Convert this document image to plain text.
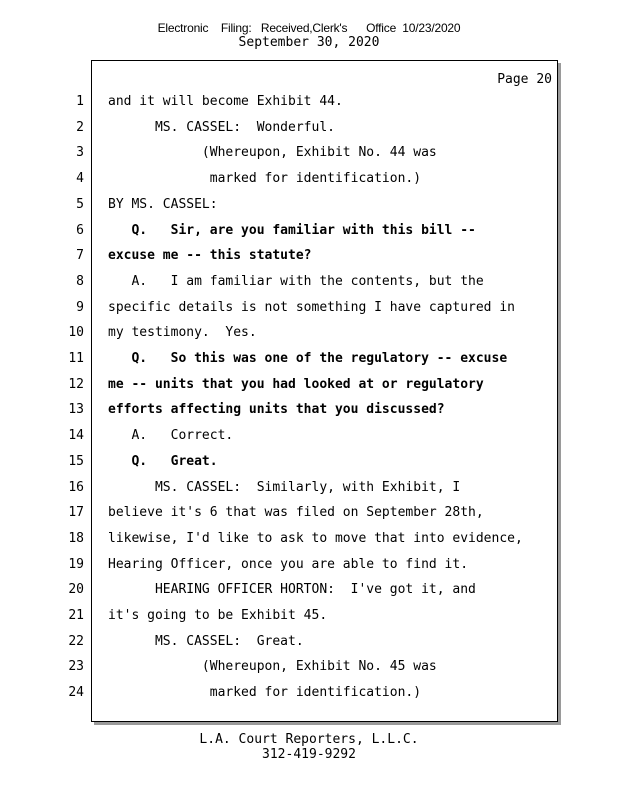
Electronic    Filing:   Received,Clerk's      Office  10/23/2020
September 30, 2020
Page 20
1 and it will become Exhibit 44.
2 MS. CASSEL:  Wonderful.
3 (Whereupon, Exhibit No. 44 was
4 marked for identification.)
5 BY MS. CASSEL:
6 Q.   Sir, are you familiar with this bill --
7 excuse me -- this statute?
8 A.   I am familiar with the contents, but the
9 specific details is not something I have captured in
10 my testimony.  Yes.
11 Q.   So this was one of the regulatory -- excuse
12 me -- units that you had looked at or regulatory
13 efforts affecting units that you discussed?
14 A.   Correct.
15 Q.   Great.
16 MS. CASSEL:  Similarly, with Exhibit, I
17 believe it's 6 that was filed on September 28th,
18 likewise, I'd like to ask to move that into evidence,
19 Hearing Officer, once you are able to find it.
20 HEARING OFFICER HORTON:  I've got it, and
21 it's going to be Exhibit 45.
22 MS. CASSEL:  Great.
23 (Whereupon, Exhibit No. 45 was
24 marked for identification.)
L.A. Court Reporters, L.L.C.
312-419-9292
